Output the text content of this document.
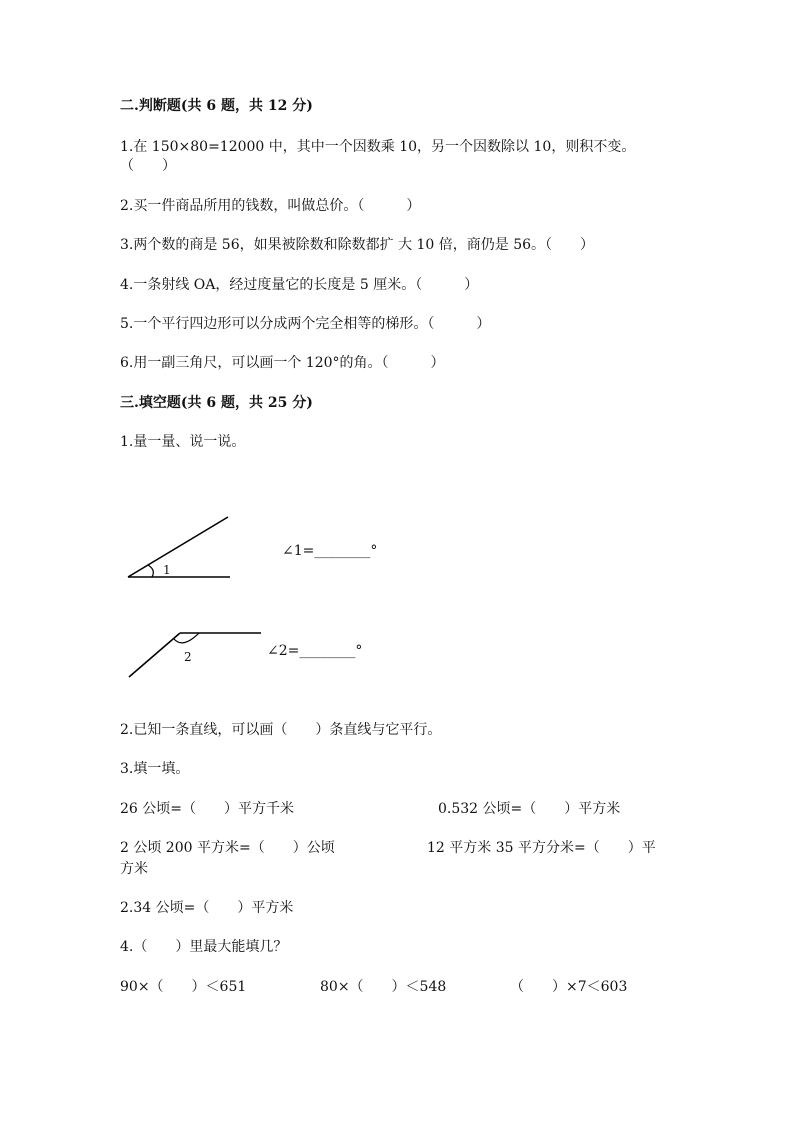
二.判断题(共 6 题，共 12 分)
1.在 150×80=12000 中，其中一个因数乘 10，另一个因数除以 10，则积不变。
（　　）
2.买一件商品所用的钱数，叫做总价。（　　　）
3.两个数的商是 56，如果被除数和除数都扩 大 10 倍，商仍是 56。（　　）
4.一条射线 OA，经过度量它的长度是 5 厘米。（　　　）
5.一个平行四边形可以分成两个完全相等的梯形。（　　　）
6.用一副三角尺，可以画一个 120°的角。（　　　）
三.填空题(共 6 题，共 25 分)
1.量一量、说一说。
1
∠1=________°
2	∠2=________°
2.已知一条直线，可以画（　　）条直线与它平行。
3.填一填。
26 公顷=（　　）平方千米	0.532 公顷=（　　）平方米
2 公顷 200 平方米=（　　）公顷	12 平方米 35 平方分米=（　　）平
方米
2.34 公顷=（　　）平方米
4.（　　）里最大能填几？
90×（　　）＜651	80×（　　）＜548	（　　）×7＜603
